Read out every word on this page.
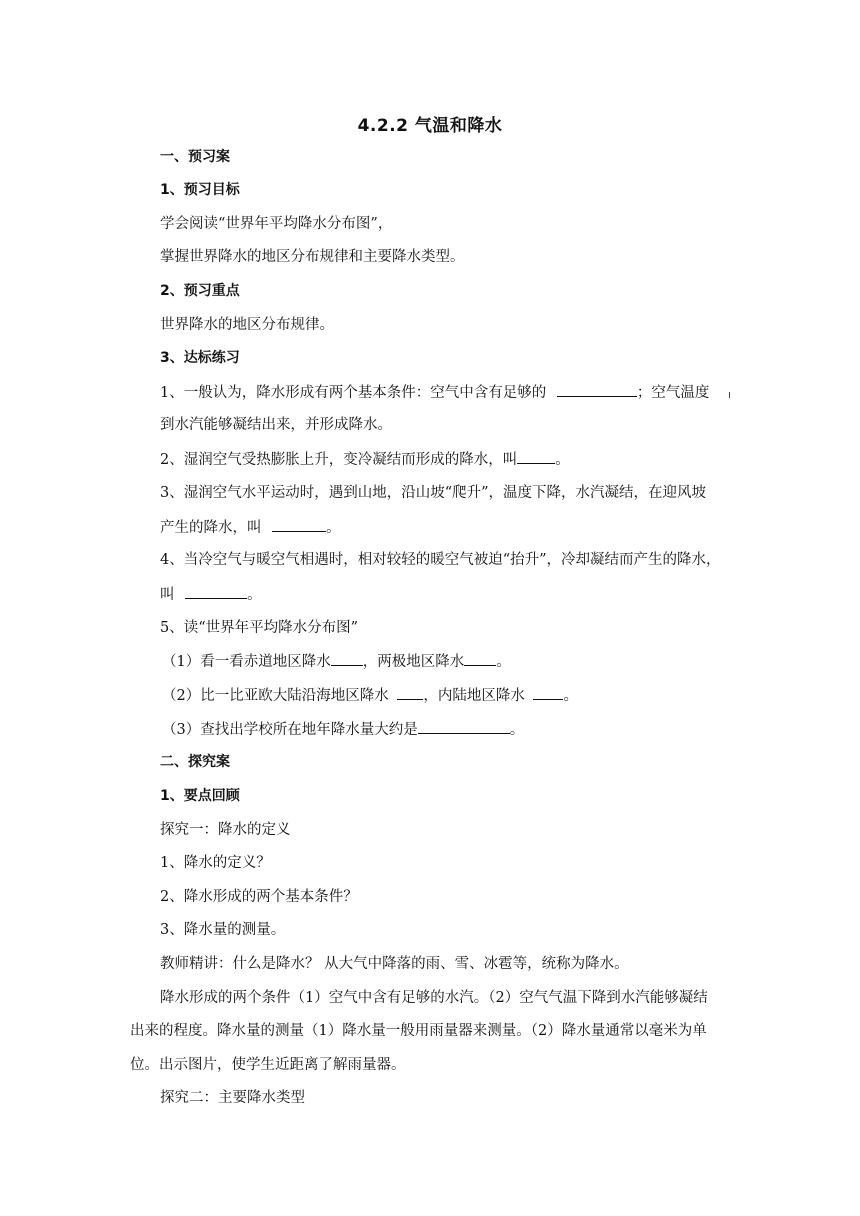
4.2.2 气温和降水
一、预习案
1、预习目标
学会阅读“世界年平均降水分布图”，
掌握世界降水的地区分布规律和主要降水类型。
2、预习重点
世界降水的地区分布规律。
3、达标练习
1、一般认为，降水形成有两个基本条件：空气中含有足够的	；空气温度
到水汽能够凝结出来，并形成降水。
2、湿润空气受热膨胀上升，变冷凝结而形成的降水，叫	。
3、湿润空气水平运动时，遇到山地，沿山坡“爬升”，温度下降，水汽凝结，在迎风坡
产生的降水，叫	。
4、当冷空气与暖空气相遇时，相对较轻的暖空气被迫“抬升”，冷却凝结而产生的降水，
叫	。
5、读“世界年平均降水分布图”
（1）看一看赤道地区降水 ，两极地区降水 。
（2）比一比亚欧大陆沿海地区降水 ，内陆地区降水	。
（3）查找出学校所在地年降水量大约是	。
二、探究案
1、要点回顾
探究一：降水的定义
1、降水的定义？
2、降水形成的两个基本条件？
3、降水量的测量。
教师精讲：什么是降水？ 从大气中降落的雨、雪、冰雹等，统称为降水。
降水形成的两个条件（1）空气中含有足够的水汽。（2）空气气温下降到水汽能够凝结
出来的程度。降水量的测量（1）降水量一般用雨量器来测量。（2）降水量通常以毫米为单
位。出示图片，使学生近距离了解雨量器。
探究二：主要降水类型
